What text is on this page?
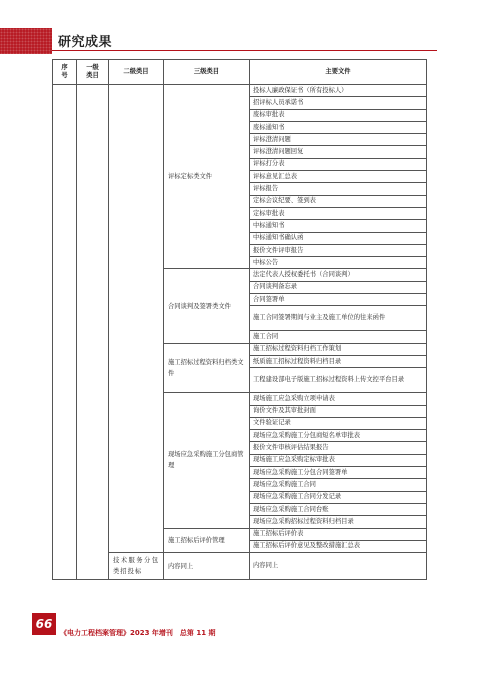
研究成果
序
号	一级
类目	二级类目	三级类目	主要文件
			评标定标类文件	投标人廉政保证书（所有投标人）
				招评标人员承诺书
				废标审批表
				废标通知书
				评标澄清问题
				评标澄清问题回复
				评标打分表
				评标意见汇总表
				评标报告
				定标会议纪要、签到表
				定标审批表
				中标通知书
				中标通知书确认函
				报价文件评审报告
				中标公告
			合同谈判及签署类文件	法定代表人授权委托书（合同谈判）
				合同谈判备忘录
				合同签署单
				施工合同签署期间与业主及施工单位的往来函件
				施工合同
			施工招标过程资料归档类文件	施工招标过程资料归档工作策划
				纸质施工招标过程资料归档目录
				工程建设部电子版施工招标过程资料上传文控平台目录
			现场应急采购施工分包商管理	现场施工应急采购立项申请表
				询价文件及其审批封面
				文件验证记录
				现场应急采购施工分包商短名单审批表
				报价文件审核评估结果报告
				现场施工应急采购定标审批表
				现场应急采购施工分包合同签署单
				现场应急采购施工合同
				现场应急采购施工合同分发记录
				现场应急采购施工合同台账
				现场应急采购招标过程资料归档目录
			施工招标后评价管理	施工招标后评价表
				施工招标后评价意见及整改措施汇总表
		技术服务分包类招投标	内容同上	内容同上
66
《电力工程档案管理》2023 年增刊　总第 11 期
